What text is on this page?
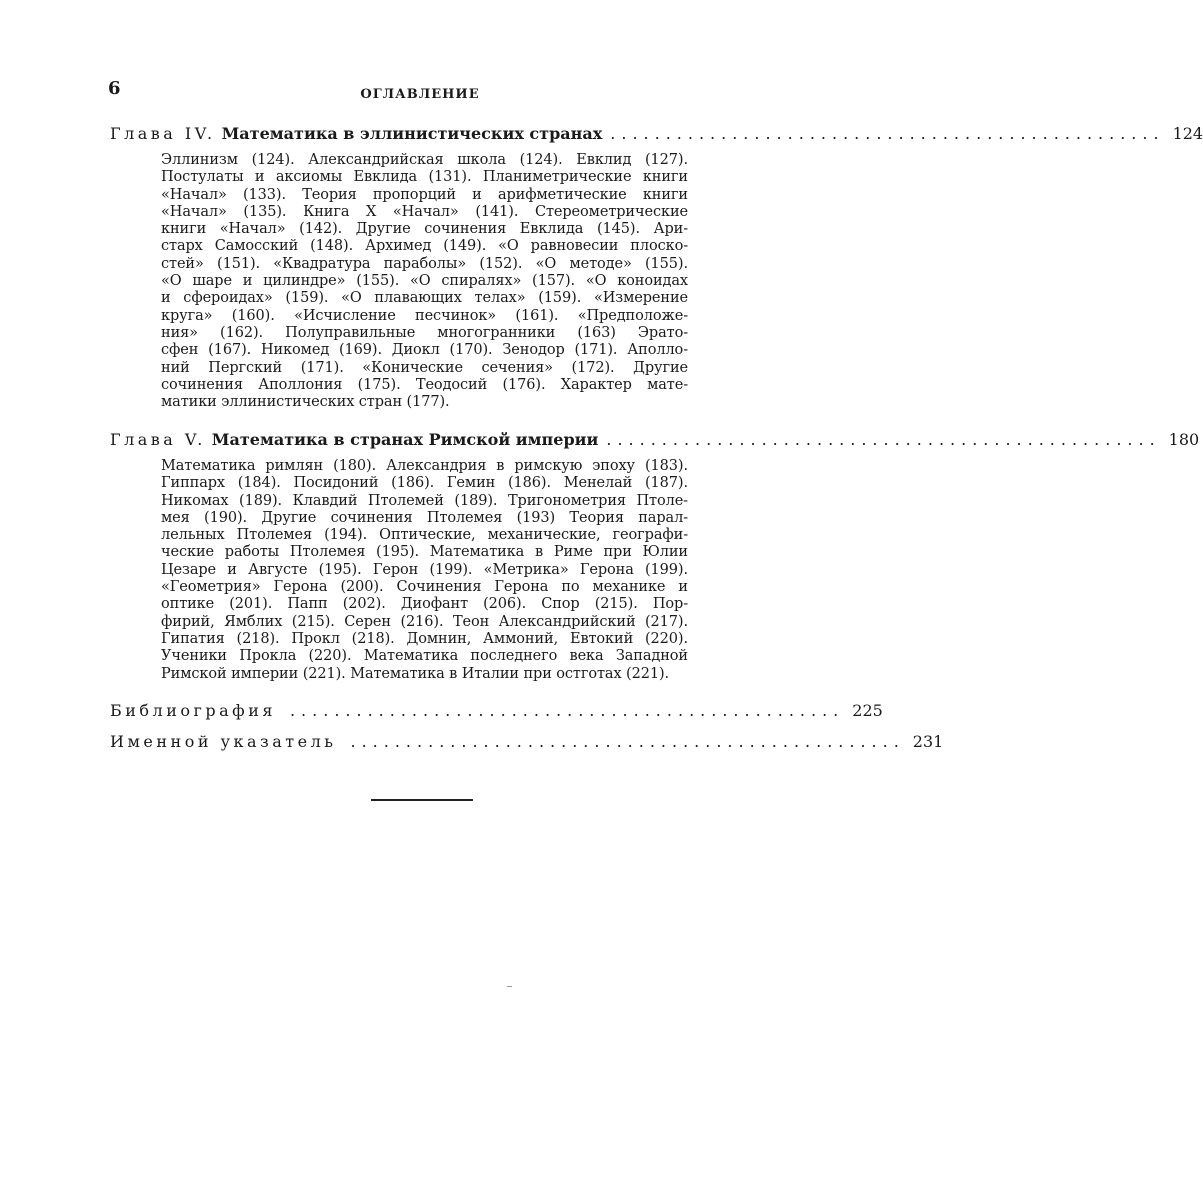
6	ОГЛАВЛЕНИЕ
Глава IV. Математика в эллинистических странах .................................................. 124
Эллинизм (124). Александрийская школа (124). Евклид (127).
Постулаты и аксиомы Евклида (131). Планиметрические книги
«Начал» (133). Теория пропорций и арифметические книги
«Начал» (135). Книга X «Начал» (141). Стереометрические
книги «Начал» (142). Другие сочинения Евклида (145). Ари-
старх Самосский (148). Архимед (149). «О равновесии плоско-
стей» (151). «Квадратура параболы» (152). «О методе» (155).
«О шаре и цилиндре» (155). «О спиралях» (157). «О коноидах
и сфероидах» (159). «О плавающих телах» (159). «Измерение
круга» (160). «Исчисление песчинок» (161). «Предположе-
ния» (162). Полуправильные многогранники (163) Эрато-
сфен (167). Никомед (169). Диокл (170). Зенодор (171). Аполло-
ний Пергский (171). «Конические сечения» (172). Другие
сочинения Аполлония (175). Теодосий (176). Характер мате-
матики эллинистических стран (177).
Глава V. Математика в странах Римской империи .................................................. 180
Математика римлян (180). Александрия в римскую эпоху (183).
Гиппарх (184). Посидоний (186). Гемин (186). Менелай (187).
Никомах (189). Клавдий Птолемей (189). Тригонометрия Птоле-
мея (190). Другие сочинения Птолемея (193) Теория парал-
лельных Птолемея (194). Оптические, механические, географи-
ческие работы Птолемея (195). Математика в Риме при Юлии
Цезаре и Августе (195). Герон (199). «Метрика» Герона (199).
«Геометрия» Герона (200). Сочинения Герона по механике и
оптике (201). Папп (202). Диофант (206). Спор (215). Пор-
фирий, Ямблих (215). Серен (216). Теон Александрийский (217).
Гипатия (218). Прокл (218). Домнин, Аммоний, Евтокий (220).
Ученики Прокла (220). Математика последнего века Западной
Римской империи (221). Математика в Италии при остготах (221).
Библиография .................................................. 225
Именной указатель .................................................. 231
